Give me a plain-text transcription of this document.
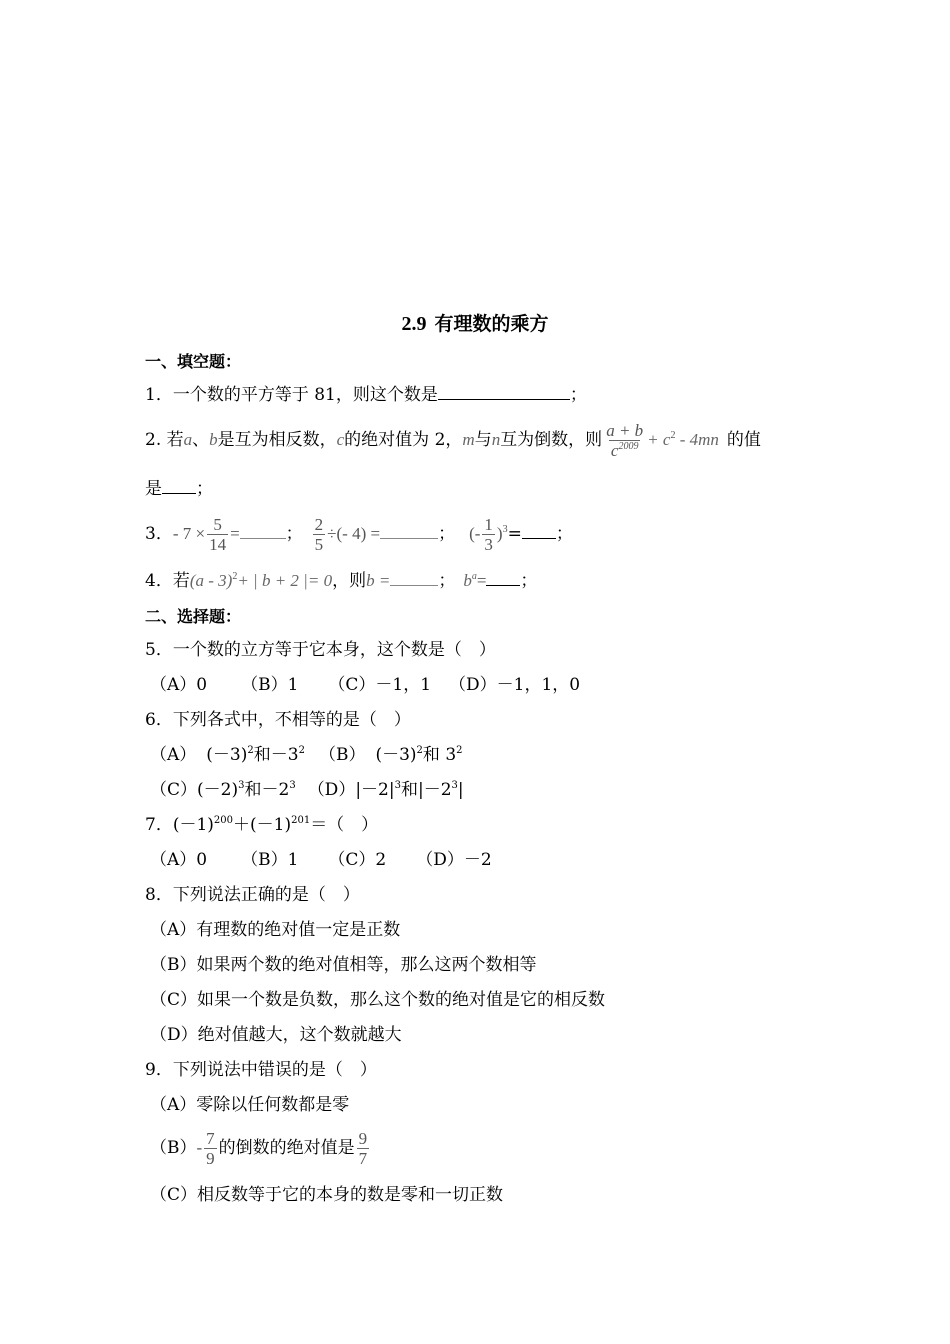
2.9 有理数的乘方
一、填空题：
1．一个数的平方等于 81，则这个数是	；
2. 若a、b是互为相反数，c的绝对值为 2，m与n互为倒数，则 $\frac{a + b}{c^{2009}} + c^2 - 4mn$ 的值
是 ；
3．- $7 \times \frac{5}{14}$ =	； $\frac{2}{5}$ ÷(- 4) =	； (- $\frac{1}{3} )^3=$ ；
4．若(a - 3)$^2$+ | b + 2 |= 0，则b =	； $b^a=$ ；
二、选择题：
5．一个数的立方等于它本身，这个数是（　）
（A）0 （B）1 （C）－1，1 （D）－1，1，0
6．下列各式中，不相等的是（　）
（A） $(-3)^2$和$-3^2$ （B） $(-3)^2$和 $3^2$
$(C)(-2)^3$和$-2^3$ $(D)|-2|^3$和$|-2^3|$
7．$(-1)^{200}+(-1)^{201}=$（　）
（A）0 （B）1 （C）2 （D）－2
8．下列说法正确的是（　）
（A）有理数的绝对值一定是正数
（B）如果两个数的绝对值相等，那么这两个数相等
（C）如果一个数是负数，那么这个数的绝对值是它的相反数
（D）绝对值越大，这个数就越大
9．下列说法中错误的是（　）
（A）零除以任何数都是零
$(B)- \frac{7}{9}$ 的倒数的绝对值是 $\frac{9}{7}$
（C）相反数等于它的本身的数是零和一切正数
